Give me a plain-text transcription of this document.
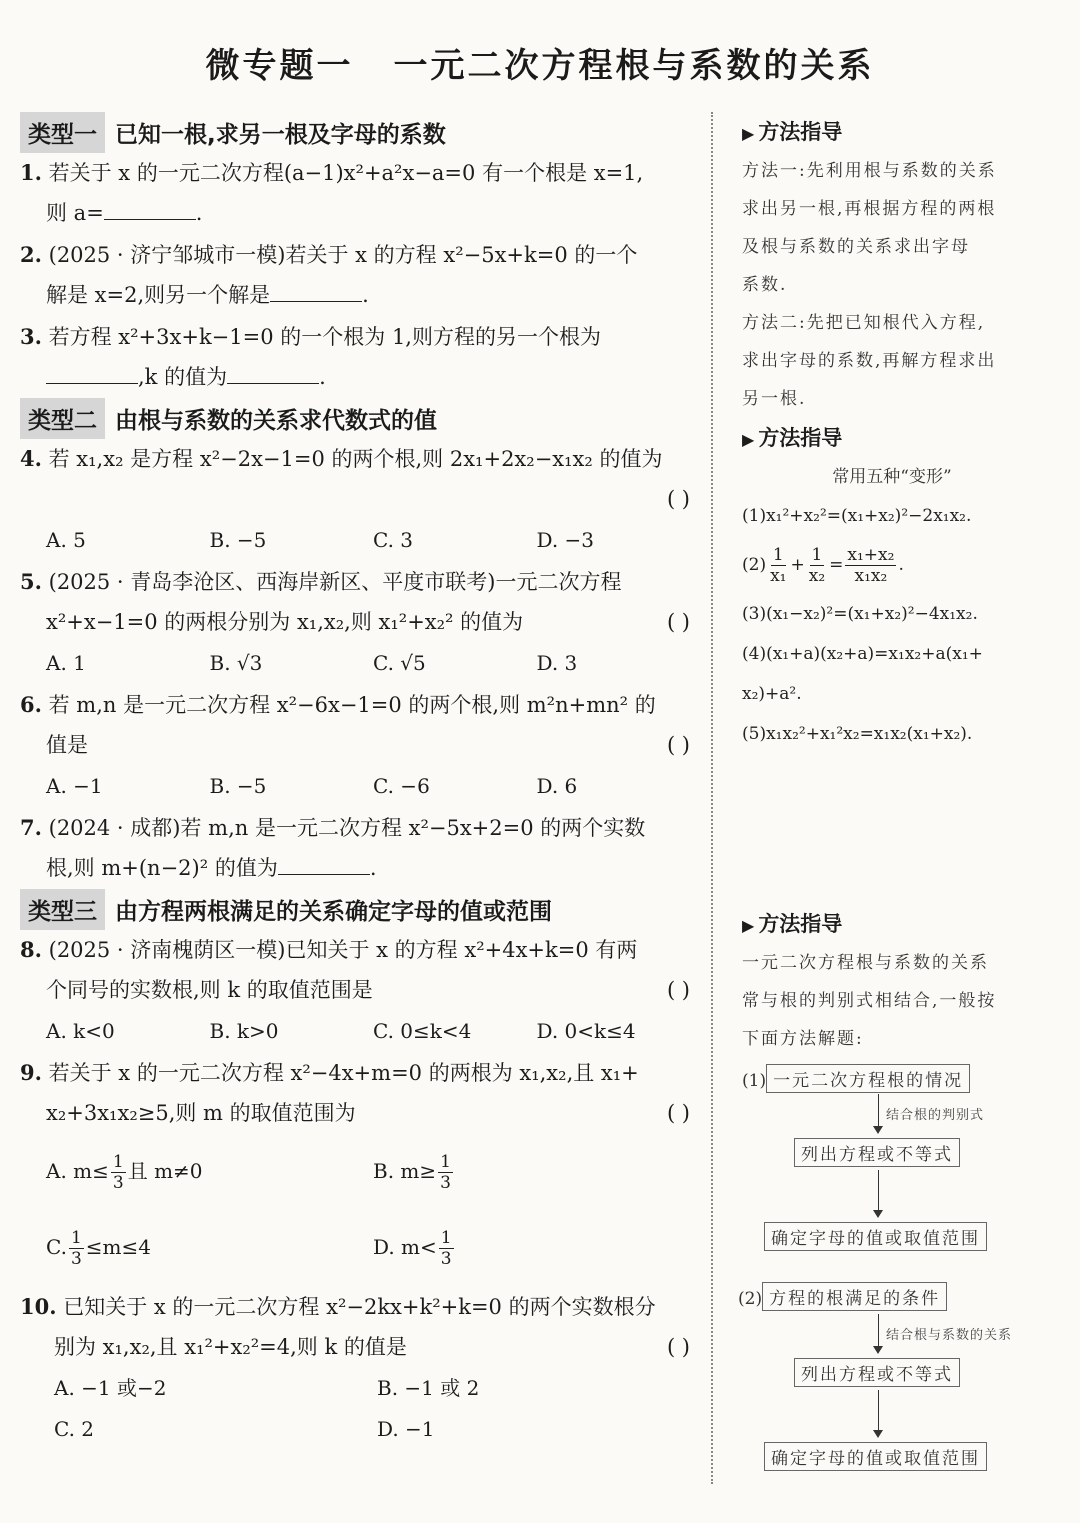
微专题一 一元二次方程根与系数的关系
类型一 已知一根,求另一根及字母的系数
1. 若关于 x 的一元二次方程(a−1)x²+a²x−a=0 有一个根是 x=1,
则 a=	.
2. (2025 · 济宁邹城市一模)若关于 x 的方程 x²−5x+k=0 的一个
解是 x=2,则另一个解是	.
3. 若方程 x²+3x+k−1=0 的一个根为 1,则方程的另一个根为
,k 的值为	.
类型二 由根与系数的关系求代数式的值
4. 若 x₁,x₂ 是方程 x²−2x−1=0 的两个根,则 2x₁+2x₂−x₁x₂ 的值为
( )
A. 5	B. −5	C. 3	D. −3
5. (2025 · 青岛李沧区、西海岸新区、平度市联考)一元二次方程
x²+x−1=0 的两根分别为 x₁,x₂,则 x₁²+x₂² 的值为	( )
A. 1	B. √3	C. √5	D. 3
6. 若 m,n 是一元二次方程 x²−6x−1=0 的两个根,则 m²n+mn² 的
值是	( )
A. −1	B. −5	C. −6	D. 6
7. (2024 · 成都)若 m,n 是一元二次方程 x²−5x+2=0 的两个实数
根,则 m+(n−2)² 的值为	.
类型三 由方程两根满足的关系确定字母的值或范围
8. (2025 · 济南槐荫区一模)已知关于 x 的方程 x²+4x+k=0 有两
个同号的实数根,则 k 的取值范围是	( )
A. k<0	B. k>0	C. 0≤k<4	D. 0<k≤4
9. 若关于 x 的一元二次方程 x²−4x+m=0 的两根为 x₁,x₂,且 x₁+
x₂+3x₁x₂≥5,则 m 的取值范围为	( )
A. $m\le \frac{1}{3}$ 且 m≠0	B. $m\ge \frac{1}{3}$
C. $\frac{1}{3} \le m\le 4$	D. $m< \frac{1}{3}$
10. 已知关于 x 的一元二次方程 x²−2kx+k²+k=0 的两个实数根分
别为 x₁,x₂,且 x₁²+x₂²=4,则 k 的值是	( )
A. −1 或−2	B. −1 或 2
C. 2	D. −1
▶ 方法指导
方法一:先利用根与系数的关系
求出另一根,再根据方程的两根
及根与系数的关系求出字母
系数.
方法二:先把已知根代入方程,
求出字母的系数,再解方程求出
另一根.
▶ 方法指导
常用五种“变形”
(1)x₁²+x₂²=(x₁+x₂)²−2x₁x₂.
$(2) \frac{1}{\text{x₁}} + \frac{1}{\text{x₂}} = \frac{\text{x₁+x₂}}{\text{x₁x₂}}$ .
(3)(x₁−x₂)²=(x₁+x₂)²−4x₁x₂.
(4)(x₁+a)(x₂+a)=x₁x₂+a(x₁+
x₂)+a².
(5)x₁x₂²+x₁²x₂=x₁x₂(x₁+x₂).
▶ 方法指导
一元二次方程根与系数的关系
常与根的判别式相结合,一般按
下面方法解题:
(1) 一元二次方程根的情况
结合根的判别式
列出方程或不等式
确定字母的值或取值范围
(2) 方程的根满足的条件
结合根与系数的关系
列出方程或不等式
确定字母的值或取值范围
